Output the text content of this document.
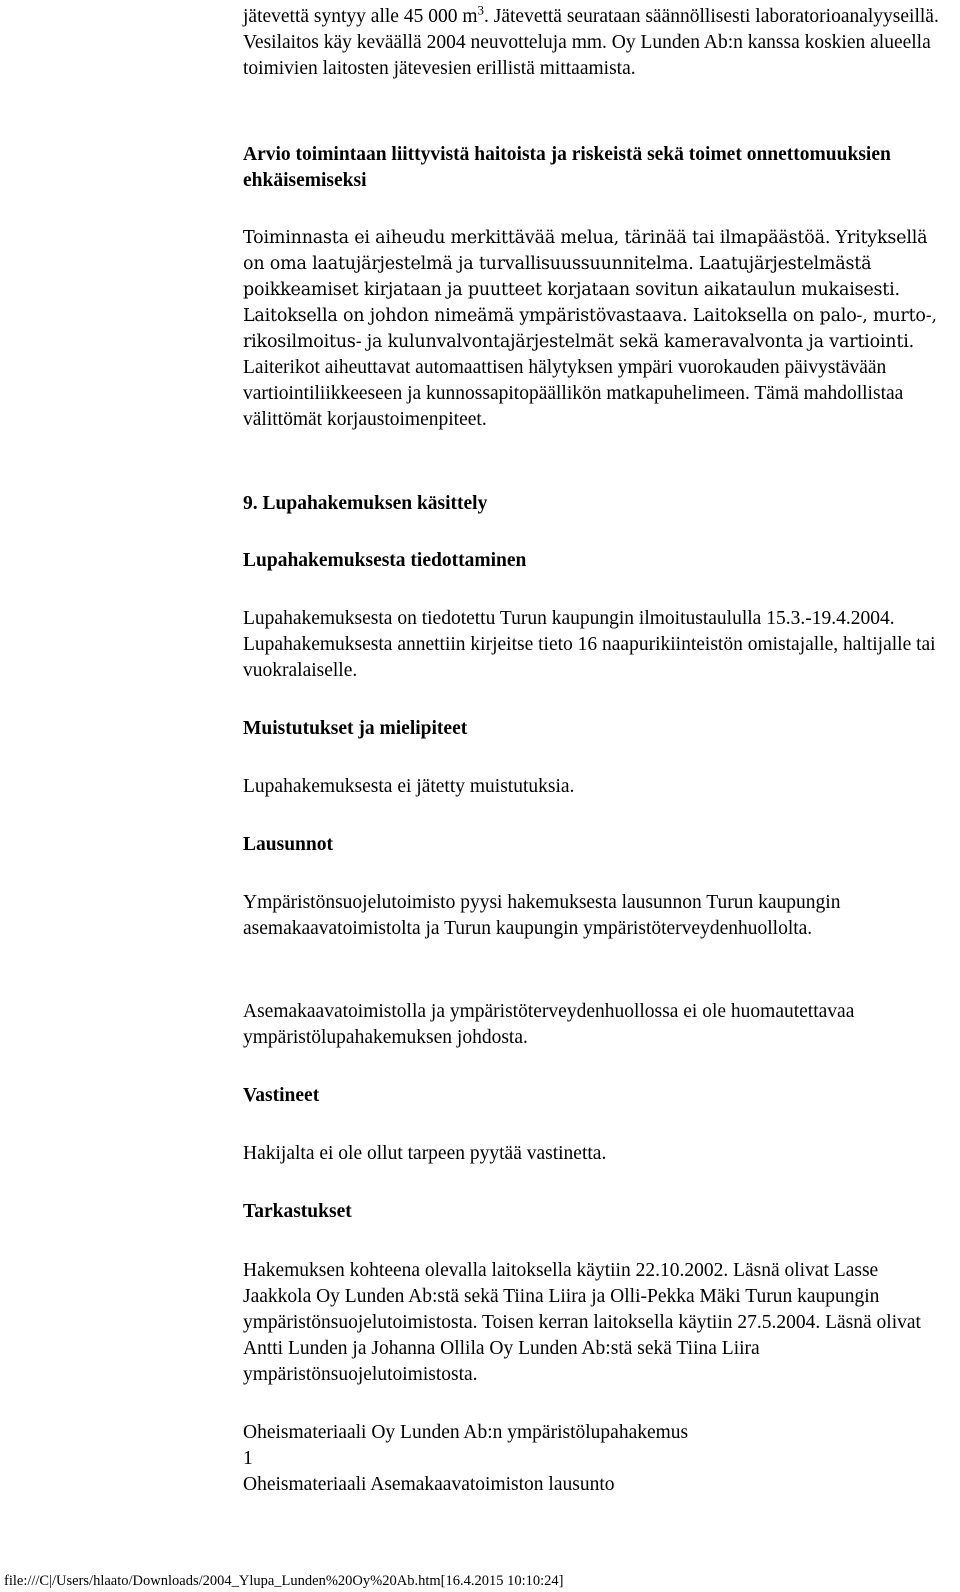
jätevettä syntyy alle 45 000 $m^3$. Jätevettä seurataan säännöllisesti laboratorioanalyyseillä. Vesilaitos käy keväällä 2004 neuvotteluja mm. Oy Lunden Ab:n kanssa koskien alueella toimivien laitosten jätevesien erillistä mittaamista.

Arvio toimintaan liittyvistä haitoista ja riskeistä sekä toimet onnettomuuksien ehkäisemiseksi

Toiminnasta ei aiheudu merkittävää melua, tärinää tai ilmapäästöä. Yrityksellä on oma laatujärjestelmä ja turvallisuussuunnitelma. Laatujärjestelmästä poikkeamiset kirjataan ja puutteet korjataan sovitun aikataulun mukaisesti. Laitoksella on johdon nimeämä ympäristövastaava. Laitoksella on palo-, murto-, rikosilmoitus- ja kulunvalvontajärjestelmät sekä kameravalvonta ja vartiointi. Laiterikot aiheuttavat automaattisen hälytyksen ympäri vuorokauden päivystävään vartiointiliikkeeseen ja kunnossapitopäällikön matkapuhelimeen. Tämä mahdollistaa välittömät korjaustoimenpiteet.

9. Lupahakemuksen käsittely

Lupahakemuksesta tiedottaminen

Lupahakemuksesta on tiedotettu Turun kaupungin ilmoitustaululla 15.3.-19.4.2004. Lupahakemuksesta annettiin kirjeitse tieto 16 naapurikiinteistön omistajalle, haltijalle tai vuokralaiselle.

Muistutukset ja mielipiteet

Lupahakemuksesta ei jätetty muistutuksia.

Lausunnot

Ympäristönsuojelutoimisto pyysi hakemuksesta lausunnon Turun kaupungin asemakaavatoimistolta ja Turun kaupungin ympäristöterveydenhuollolta.

Asemakaavatoimistolla ja ympäristöterveydenhuollossa ei ole huomautettavaa ympäristölupahakemuksen johdosta.

Vastineet

Hakijalta ei ole ollut tarpeen pyytää vastinetta.

Tarkastukset

Hakemuksen kohteena olevalla laitoksella käytiin 22.10.2002. Läsnä olivat Lasse Jaakkola Oy Lunden Ab:stä sekä Tiina Liira ja Olli-Pekka Mäki Turun kaupungin ympäristönsuojelutoimistosta. Toisen kerran laitoksella käytiin 27.5.2004. Läsnä olivat Antti Lunden ja Johanna Ollila Oy Lunden Ab:stä sekä Tiina Liira ympäristönsuojelutoimistosta.

Oheismateriaali Oy Lunden Ab:n ympäristölupahakemus

1

Oheismateriaali Asemakaavatoimiston lausunto

file:///C|/Users/hlaato/Downloads/2004_Ylupa_Lunden%20Oy%20Ab.htm[16.4.2015 10:10:24]
